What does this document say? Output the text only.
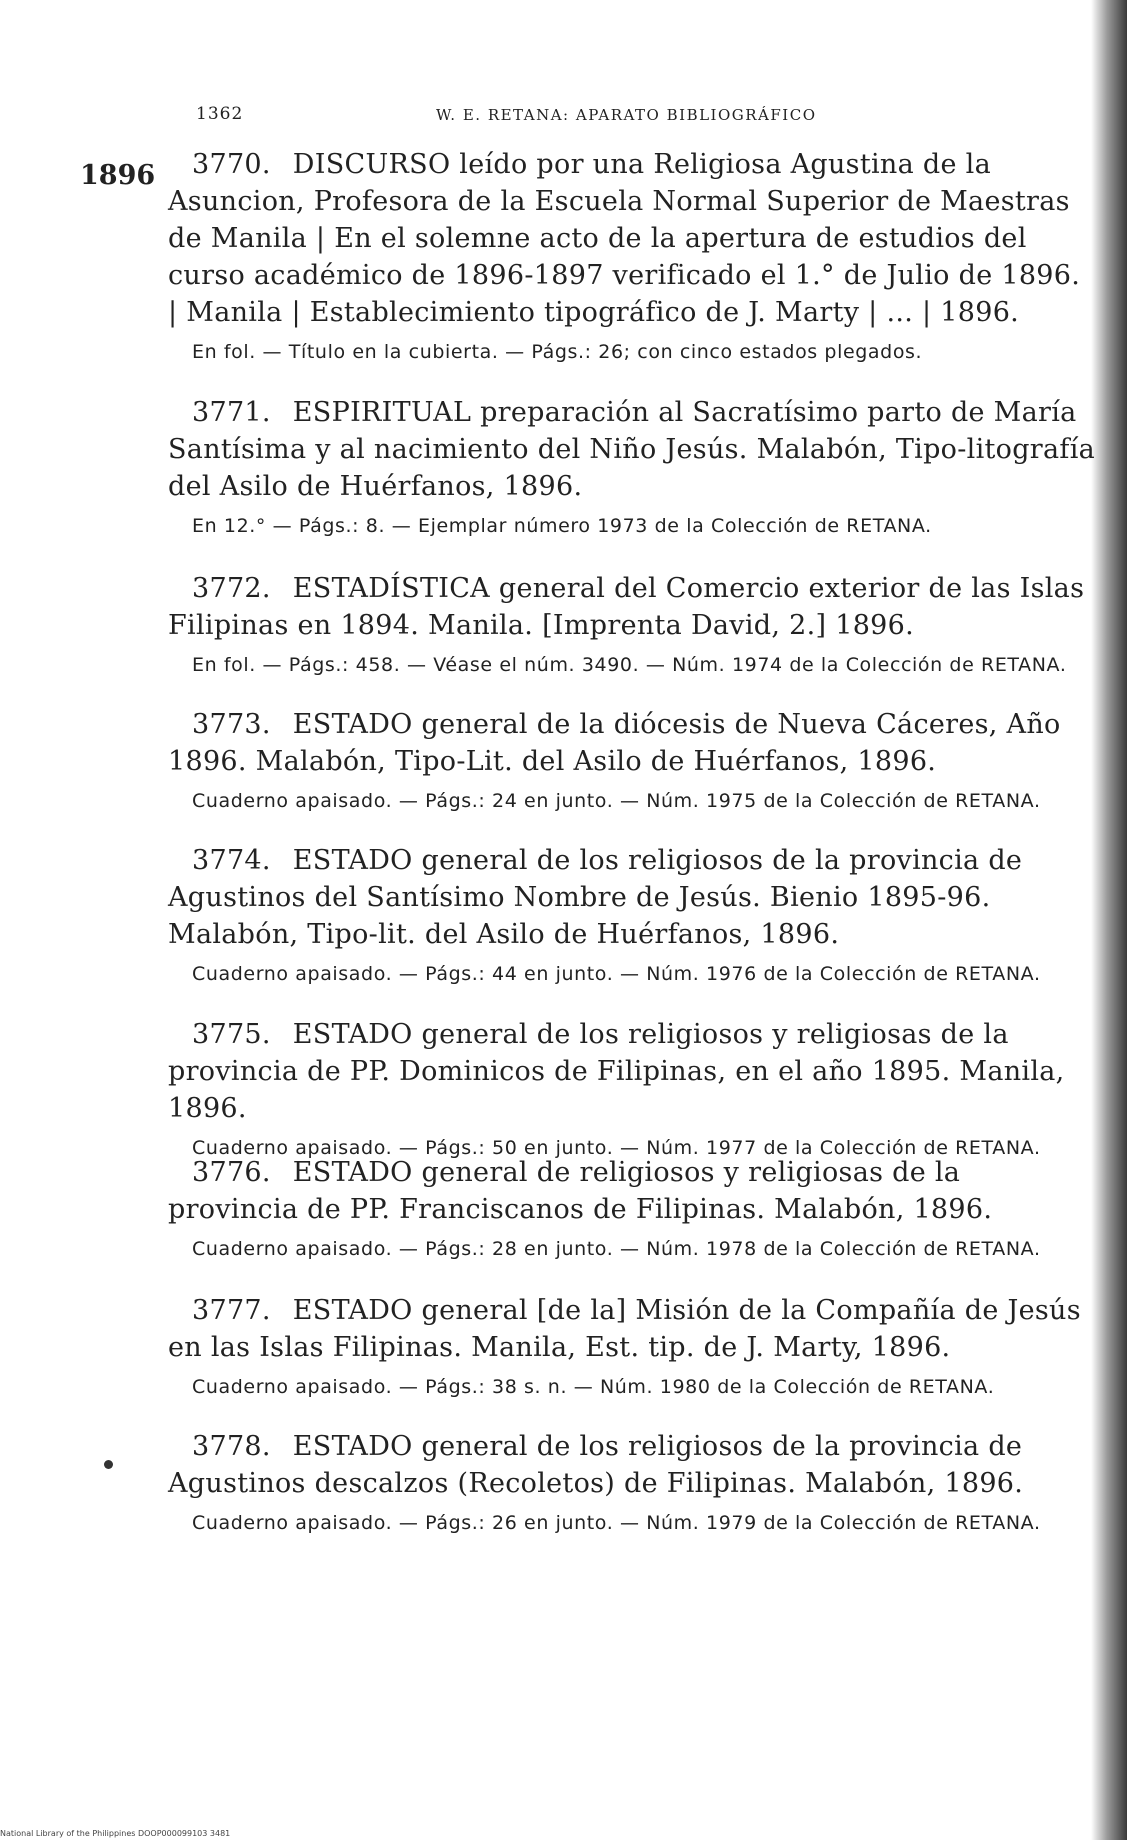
1362	W. E. RETANA: APARATO BIBLIOGRÁFICO
1896	3770. DISCURSO leído por una Religiosa Agustina de la Asuncion, Profesora de la Escuela Normal Superior de Maestras de Manila | En el solemne acto de la apertura de estudios del curso académico de 1896-1897 verificado el 1.° de Julio de 1896. | Manila | Establecimiento tipográfico de J. Marty | ... | 1896.

En fol. — Título en la cubierta. — Págs.: 26; con cinco estados plegados.

3771. ESPIRITUAL preparación al Sacratísimo parto de María Santísima y al nacimiento del Niño Jesús. Malabón, Tipo-litografía del Asilo de Huérfanos, 1896.

En 12.° — Págs.: 8. — Ejemplar número 1973 de la Colección de RETANA.

3772. ESTADÍSTICA general del Comercio exterior de las Islas Filipinas en 1894. Manila. [Imprenta David, 2.] 1896.

En fol. — Págs.: 458. — Véase el núm. 3490. — Núm. 1974 de la Colección de RETANA.

3773. ESTADO general de la diócesis de Nueva Cáceres, Año 1896. Malabón, Tipo-Lit. del Asilo de Huérfanos, 1896.

Cuaderno apaisado. — Págs.: 24 en junto. — Núm. 1975 de la Colección de RETANA.

3774. ESTADO general de los religiosos de la provincia de Agustinos del Santísimo Nombre de Jesús. Bienio 1895-96. Malabón, Tipo-lit. del Asilo de Huérfanos, 1896.

Cuaderno apaisado. — Págs.: 44 en junto. — Núm. 1976 de la Colección de RETANA.

3775. ESTADO general de los religiosos y religiosas de la provincia de PP. Dominicos de Filipinas, en el año 1895. Manila, 1896.

Cuaderno apaisado. — Págs.: 50 en junto. — Núm. 1977 de la Colección de RETANA.

3776. ESTADO general de religiosos y religiosas de la provincia de PP. Franciscanos de Filipinas. Malabón, 1896.

Cuaderno apaisado. — Págs.: 28 en junto. — Núm. 1978 de la Colección de RETANA.

3777. ESTADO general [de la] Misión de la Compañía de Jesús en las Islas Filipinas. Manila, Est. tip. de J. Marty, 1896.

Cuaderno apaisado. — Págs.: 38 s. n. — Núm. 1980 de la Colección de RETANA.

3778. ESTADO general de los religiosos de la provincia de Agustinos descalzos (Recoletos) de Filipinas. Malabón, 1896.

Cuaderno apaisado. — Págs.: 26 en junto. — Núm. 1979 de la Colección de RETANA.

National Library of the Philippines DOOP000099103 3481
